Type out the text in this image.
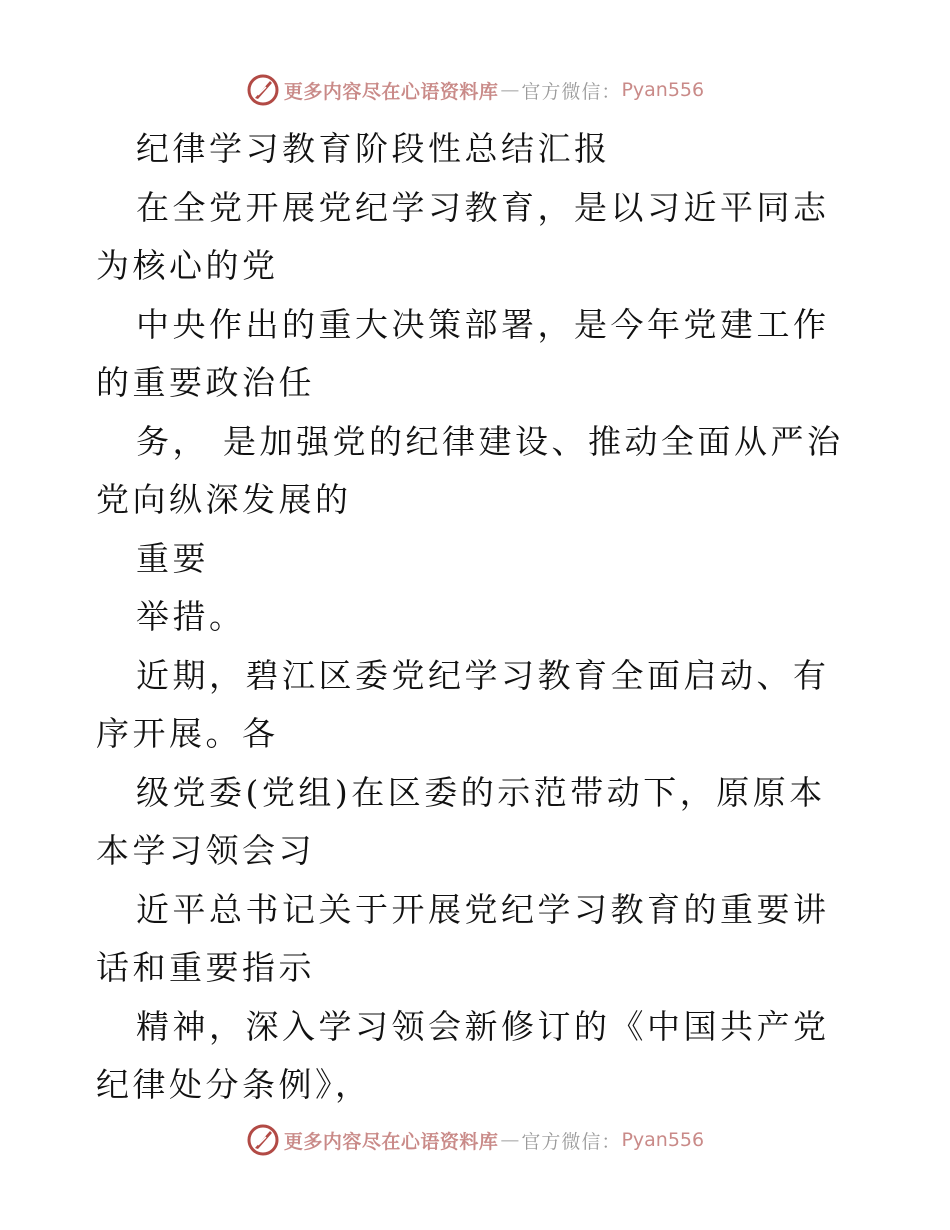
更多内容尽在心语资料库 — 官方微信： Pyan556

纪律学习教育阶段性总结汇报

在全党开展党纪学习教育，是以习近平同志为核心的党

中央作出的重大决策部署，是今年党建工作的重要政治任

务， 是加强党的纪律建设、推动全面从严治党向纵深发展的

重要

举措。

近期，碧江区委党纪学习教育全面启动、有序开展。各

级党委(党组)在区委的示范带动下，原原本本学习领会习

近平总书记关于开展党纪学习教育的重要讲话和重要指示

精神，深入学习领会新修订的《中国共产党纪律处分条例》，

更多内容尽在心语资料库 — 官方微信： Pyan556
